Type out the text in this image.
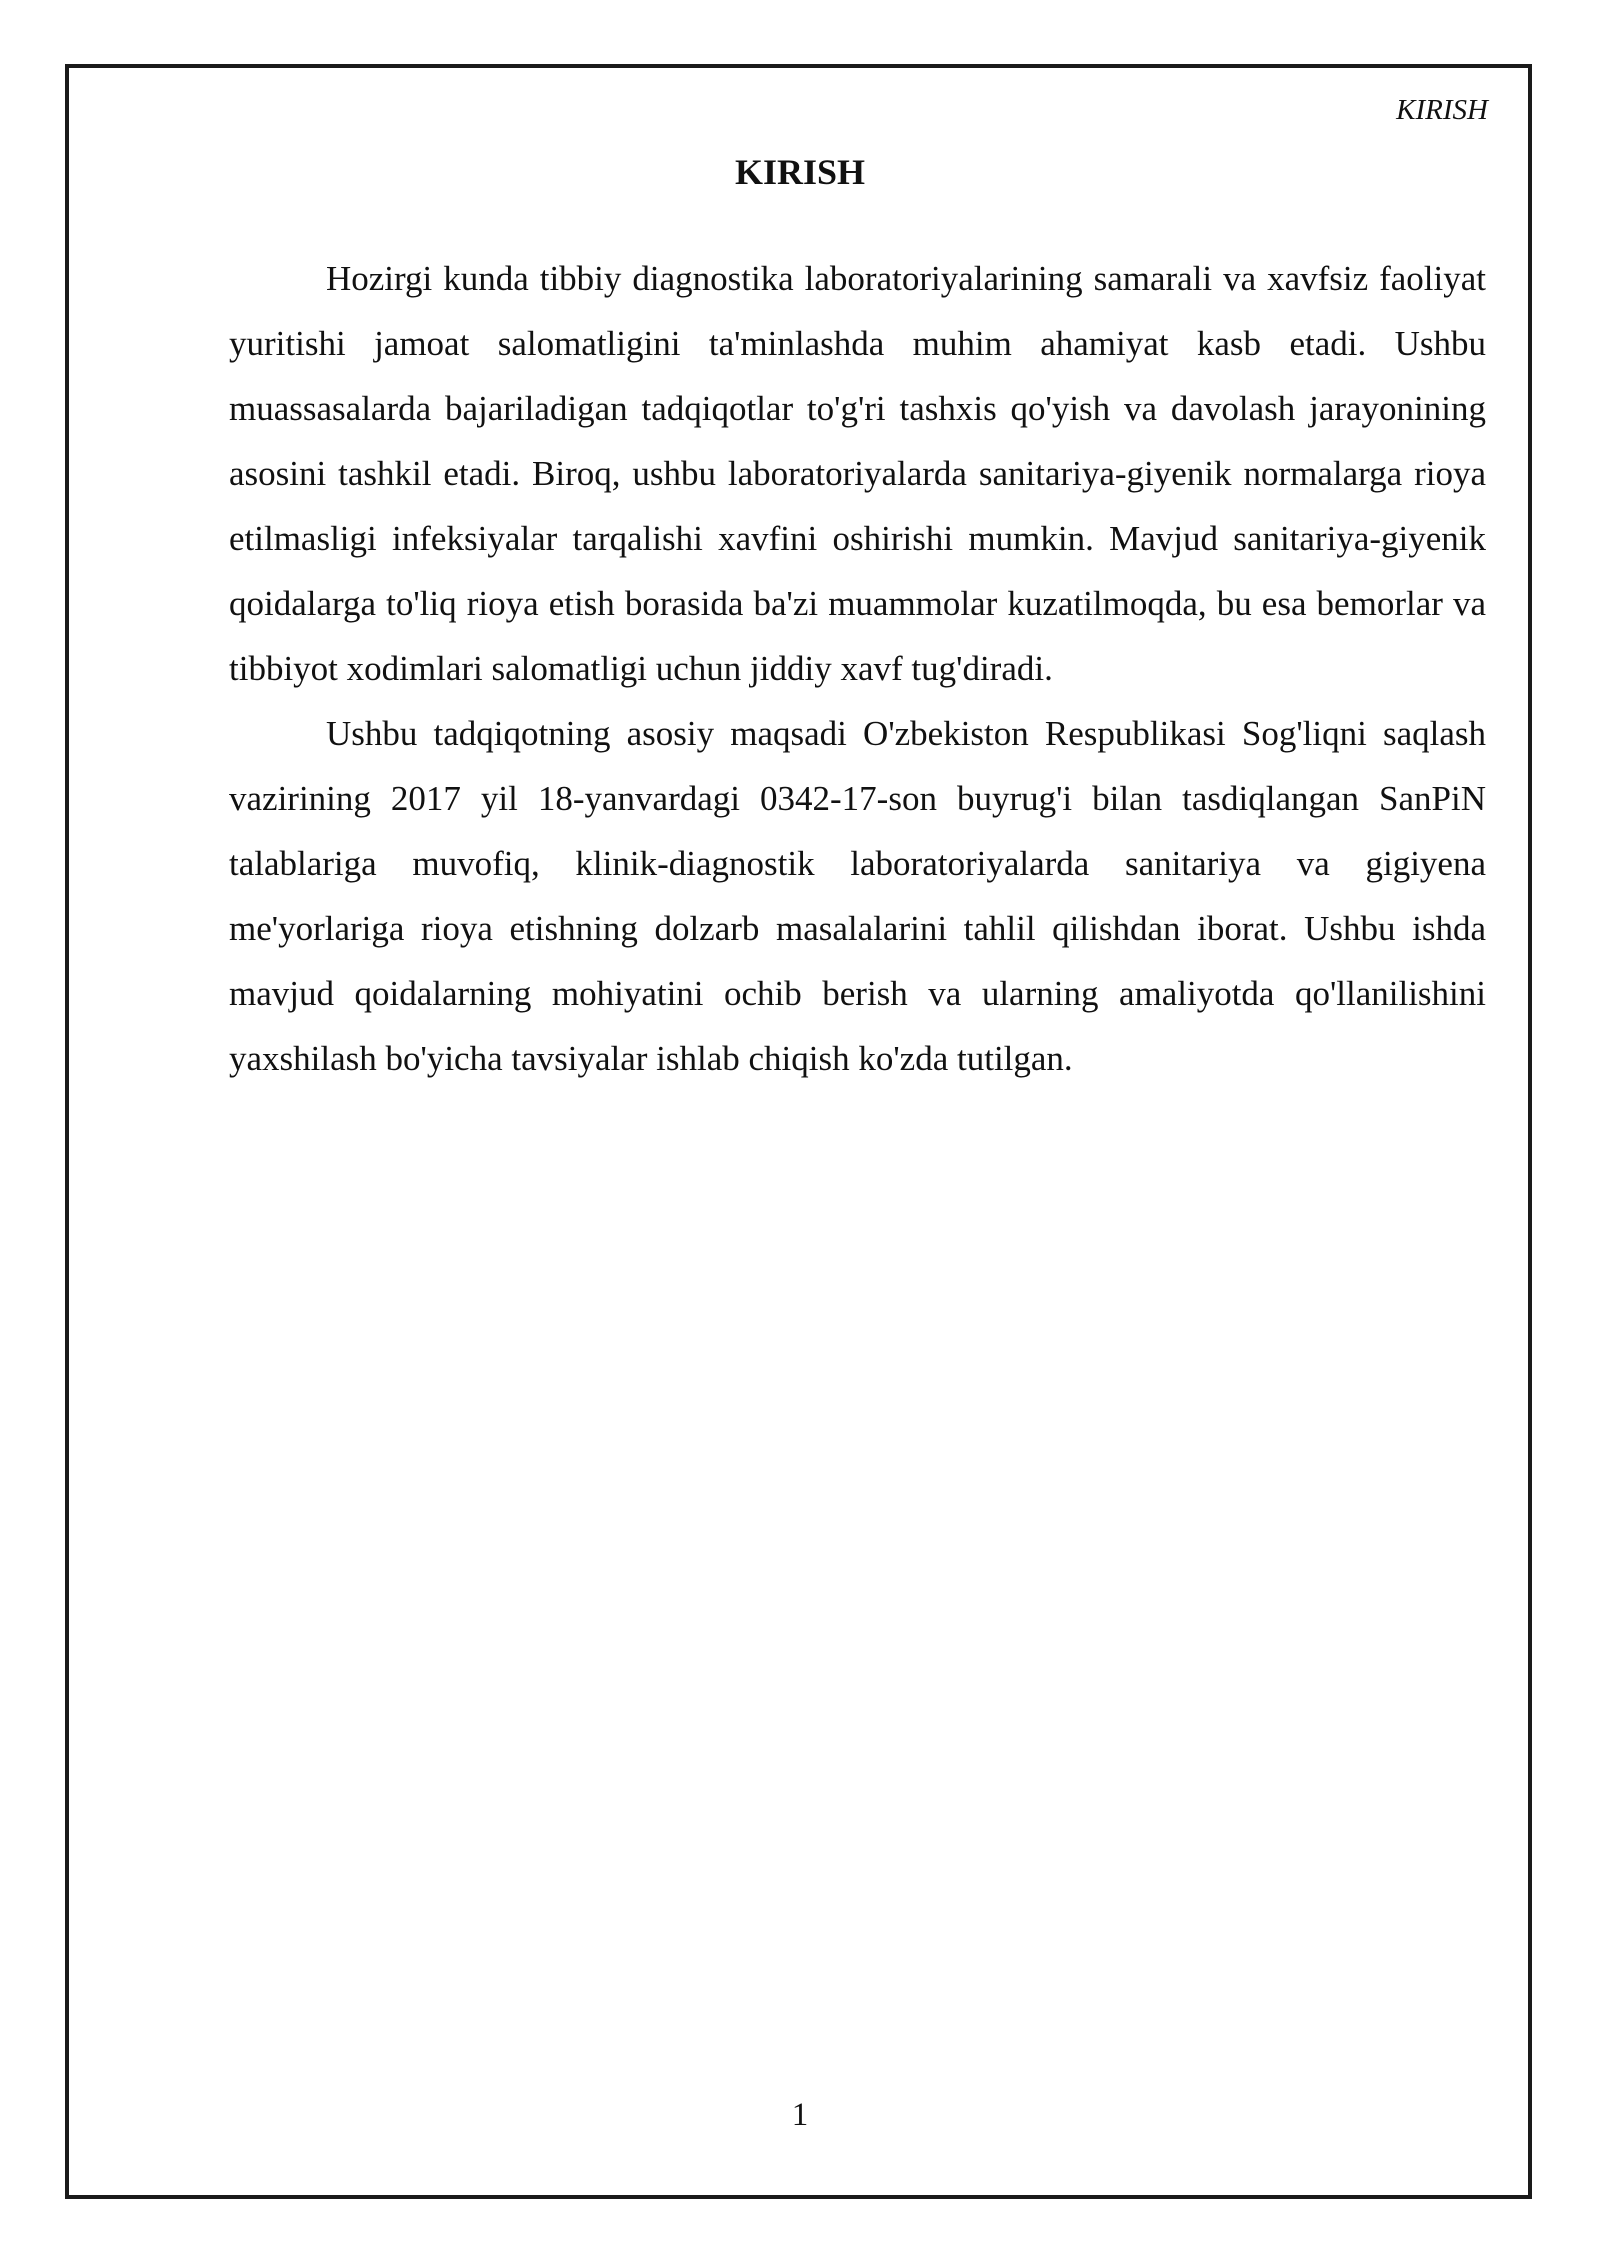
KIRISH
KIRISH

Hozirgi kunda tibbiy diagnostika laboratoriyalarining samarali va xavfsiz faoliyat yuritishi jamoat salomatligini ta'minlashda muhim ahamiyat kasb etadi. Ushbu muassasalarda bajariladigan tadqiqotlar to'g'ri tashxis qo'yish va davolash jarayonining asosini tashkil etadi. Biroq, ushbu laboratoriyalarda sanitariya-giyenik normalarga rioya etilmasligi infeksiyalar tarqalishi xavfini oshirishi mumkin. Mavjud sanitariya-giyenik qoidalarga to'liq rioya etish borasida ba'zi muammolar kuzatilmoqda, bu esa bemorlar va tibbiyot xodimlari salomatligi uchun jiddiy xavf tug'diradi.

Ushbu tadqiqotning asosiy maqsadi O'zbekiston Respublikasi Sog'liqni saqlash vazirining 2017 yil 18-yanvardagi 0342-17-son buyrug'i bilan tasdiqlangan SanPiN talablariga muvofiq, klinik-diagnostik laboratoriyalarda sanitariya va gigiyena me'yorlariga rioya etishning dolzarb masalalarini tahlil qilishdan iborat. Ushbu ishda mavjud qoidalarning mohiyatini ochib berish va ularning amaliyotda qo'llanilishini yaxshilash bo'yicha tavsiyalar ishlab chiqish ko'zda tutilgan.

1
